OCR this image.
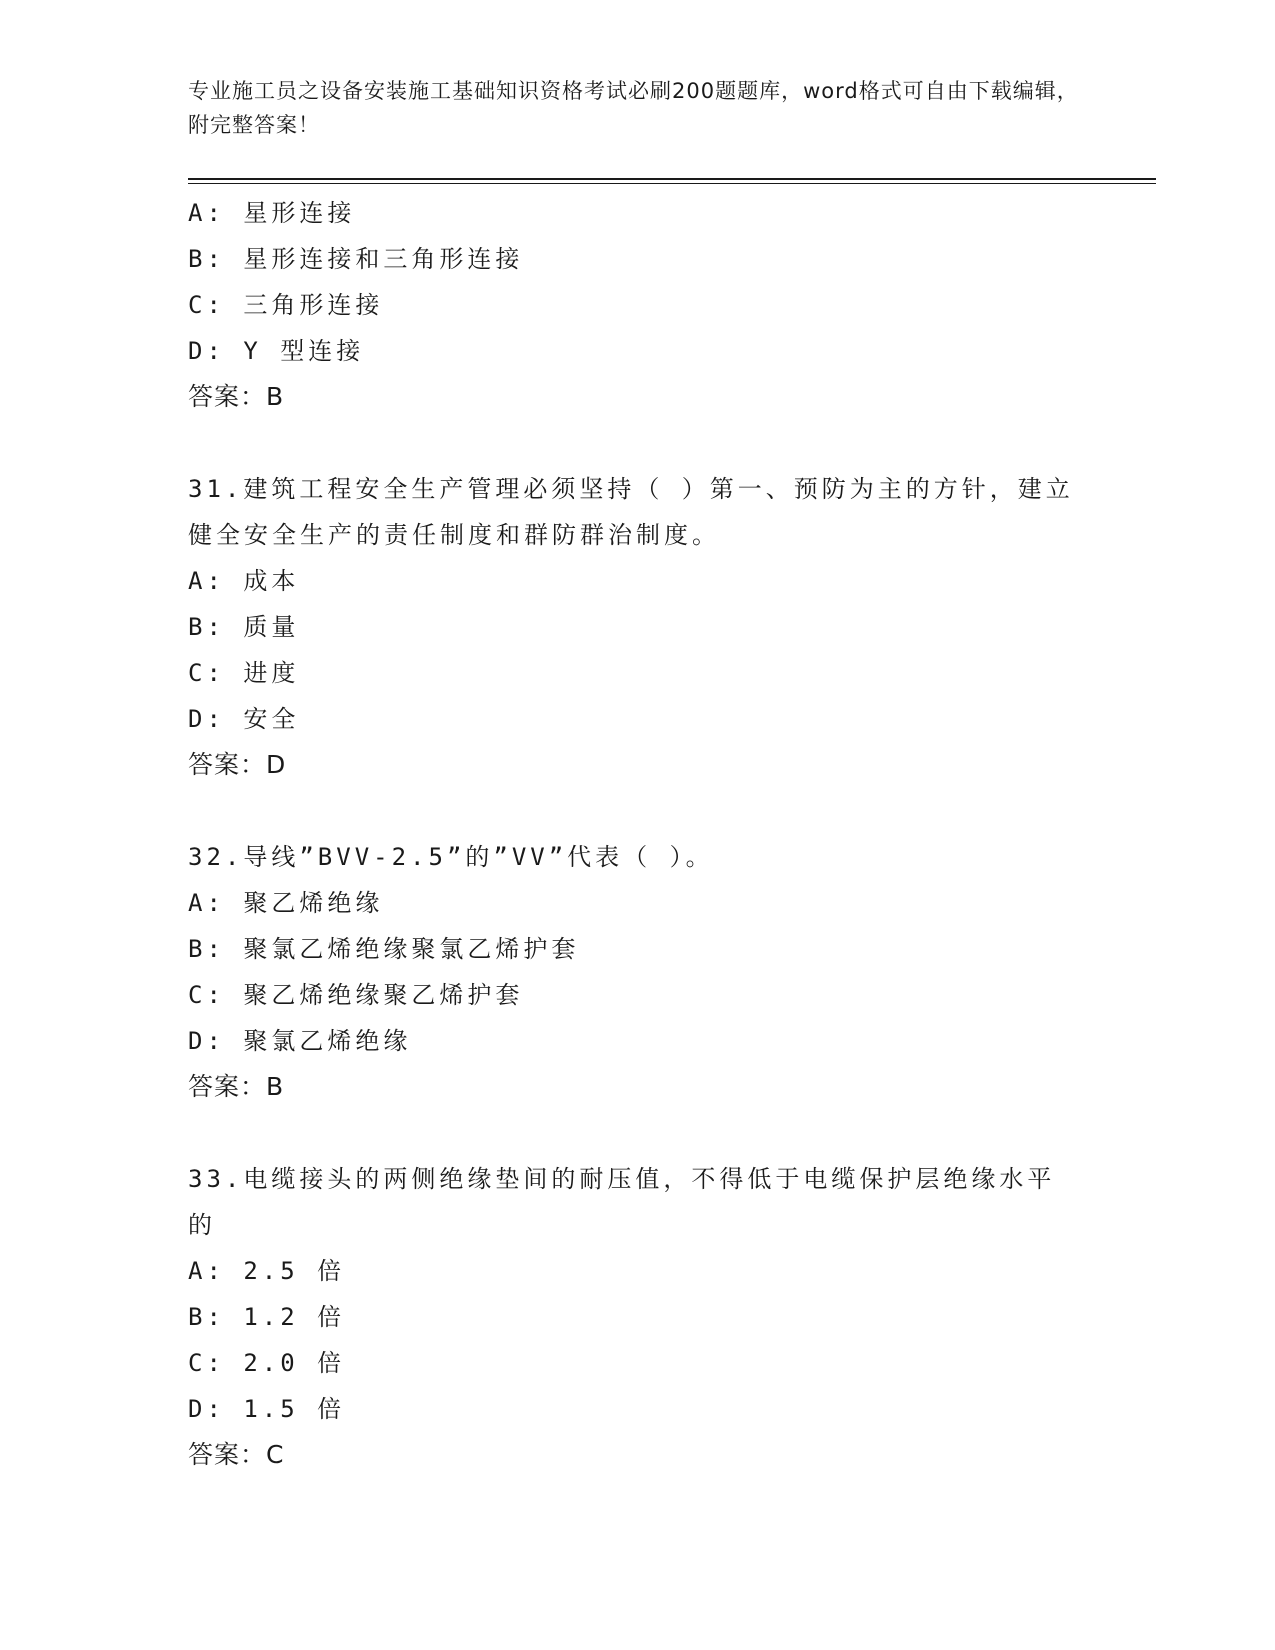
专业施工员之设备安装施工基础知识资格考试必刷200题题库，word格式可自由下载编辑，附完整答案！
A: 星形连接
B: 星形连接和三角形连接
C: 三角形连接
D: Y 型连接
答案：B
31.建筑工程安全生产管理必须坚持（ ）第一、预防为主的方针，建立健全安全生产的责任制度和群防群治制度。
A: 成本
B: 质量
C: 进度
D: 安全
答案：D
32.导线”BVV-2.5”的”VV”代表（ ）。
A: 聚乙烯绝缘
B: 聚氯乙烯绝缘聚氯乙烯护套
C: 聚乙烯绝缘聚乙烯护套
D: 聚氯乙烯绝缘
答案：B
33.电缆接头的两侧绝缘垫间的耐压值，不得低于电缆保护层绝缘水平的
A: 2.5 倍
B: 1.2 倍
C: 2.0 倍
D: 1.5 倍
答案：C
